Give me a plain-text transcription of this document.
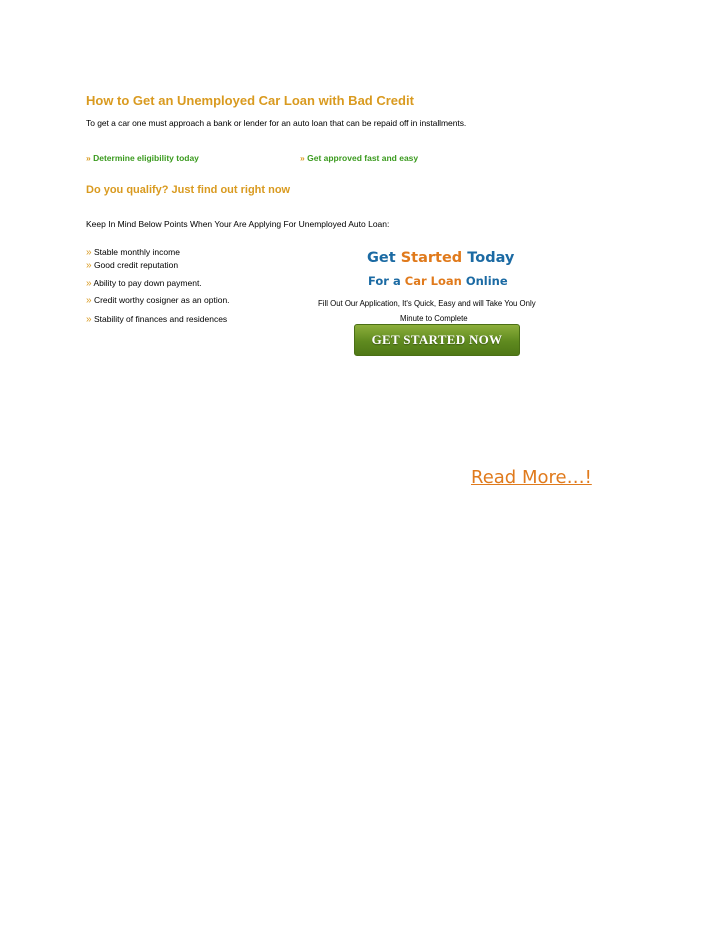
How to Get an Unemployed Car Loan with Bad Credit
To get a car one must approach a bank or lender for an auto loan that can be repaid off in installments.
» Determine eligibility today	» Get approved fast and easy
Do you qualify? Just find out right now
Keep In Mind Below Points When Your Are Applying For Unemployed Auto Loan:
» Stable monthly income
» Good credit reputation
» Ability to pay down payment.
» Credit worthy cosigner as an option.
» Stability of finances and residences
Get Started Today
For a Car Loan Online
Fill Out Our Application, It's Quick, Easy and will Take You Only
Minute to Complete
GET STARTED NOW
Read More…!
